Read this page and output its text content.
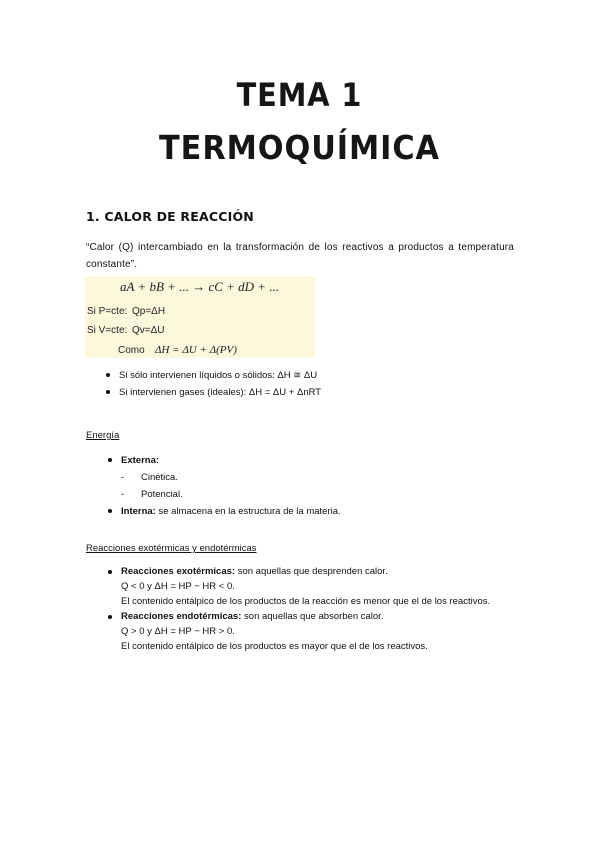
TEMA 1
TERMOQUÍMICA
1. CALOR DE REACCIÓN
“Calor (Q) intercambiado en la transformación de los reactivos a productos a temperatura constante”.
aA + bB + ... → cC + dD + ...
Si P=cte: Qp=ΔH
Si V=cte: Qv=ΔU
Como ΔH = ΔU + Δ(PV)
Si sólo intervienen líquidos o sólidos: ΔH ≅ ΔU
Si intervienen gases (ideales): ΔH = ΔU + ΔnRT
Energía
Externa:
- Cinética.
- Potencial.
Interna: se almacena en la estructura de la materia.
Reacciones exotérmicas y endotérmicas
Reacciones exotérmicas: son aquellas que desprenden calor.
Q < 0 y ΔH = HP − HR < 0.
El contenido entálpico de los productos de la reacción es menor que el de los reactivos.
Reacciones endotérmicas: son aquellas que absorben calor.
Q > 0 y ΔH = HP − HR > 0.
El contenido entálpico de los productos es mayor que el de los reactivos.
